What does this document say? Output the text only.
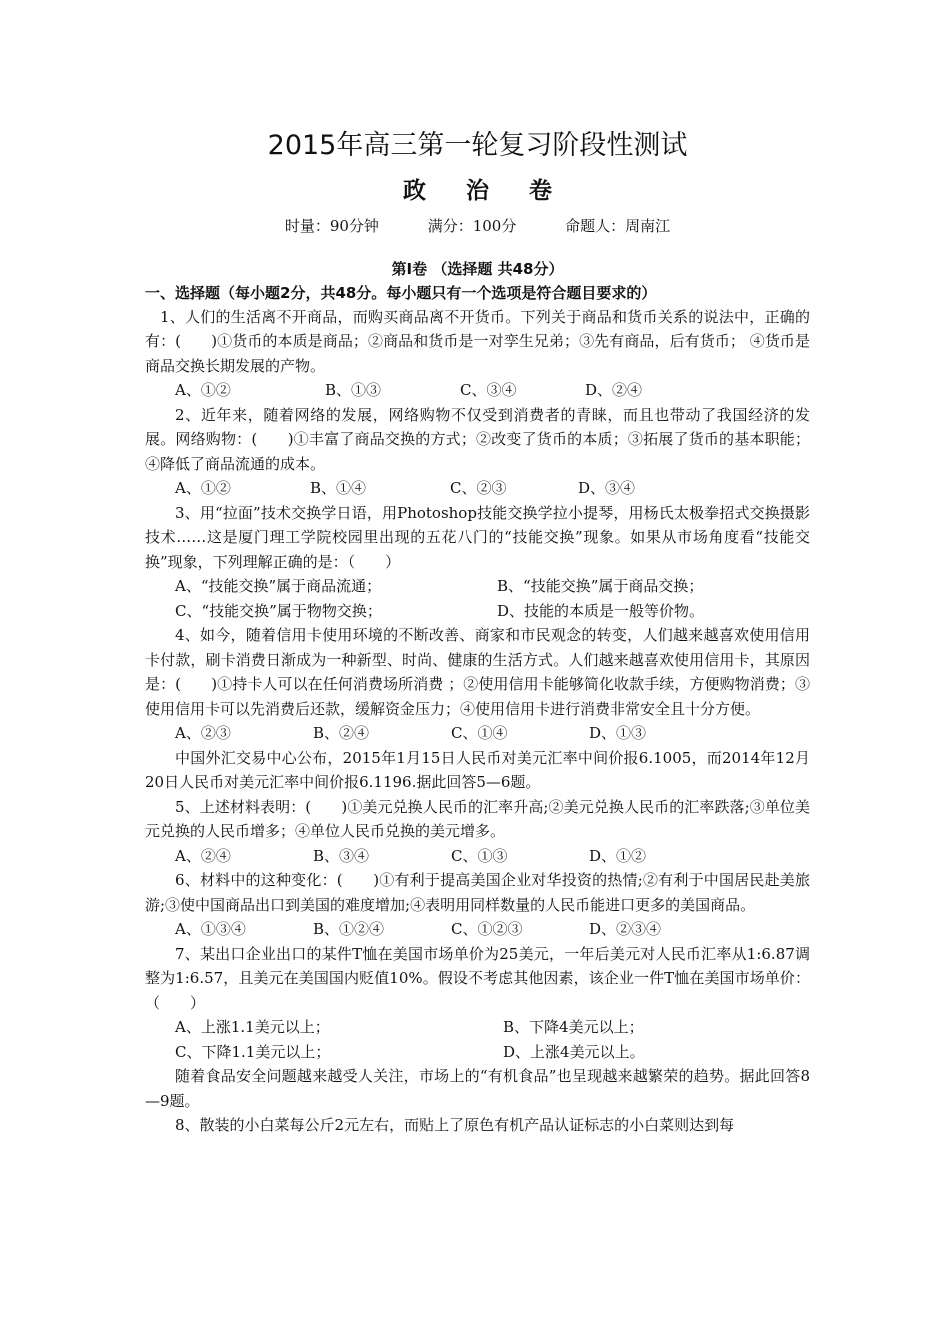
2015年高三第一轮复习阶段性测试
政治卷
时量：90分钟	满分：100分	命题人：周南江
第I卷 （选择题 共48分）
一、选择题（每小题2分，共48分。每小题只有一个选项是符合题目要求的）

1、人们的生活离不开商品，而购买商品离不开货币。下列关于商品和货币关系的说法中，正确的有：(　　)①货币的本质是商品；②商品和货币是一对孪生兄弟；③先有商品，后有货币； ④货币是商品交换长期发展的产物。

A、①②	B、①③	C、③④	D、②④

2、近年来，随着网络的发展，网络购物不仅受到消费者的青睐，而且也带动了我国经济的发展。网络购物：(　　)①丰富了商品交换的方式；②改变了货币的本质；③拓展了货币的基本职能； ④降低了商品流通的成本。

A、①②	B、①④	C、②③	D、③④

3、用“拉面”技术交换学日语，用Photoshop技能交换学拉小提琴，用杨氏太极拳招式交换摄影技术……这是厦门理工学院校园里出现的五花八门的“技能交换”现象。如果从市场角度看“技能交换”现象，下列理解正确的是：（　　）

A、“技能交换”属于商品流通；	B、“技能交换”属于商品交换；
C、“技能交换”属于物物交换；	D、技能的本质是一般等价物。

4、如今，随着信用卡使用环境的不断改善、商家和市民观念的转变，人们越来越喜欢使用信用卡付款，刷卡消费日渐成为一种新型、时尚、健康的生活方式。人们越来越喜欢使用信用卡，其原因是：(　　)①持卡人可以在任何消费场所消费 ；②使用信用卡能够简化收款手续，方便购物消费；③使用信用卡可以先消费后还款，缓解资金压力；④使用信用卡进行消费非常安全且十分方便。

A、②③	B、②④	C、①④	D、①③

中国外汇交易中心公布，2015年1月15日人民币对美元汇率中间价报6.1005，而2014年12月20日人民币对美元汇率中间价报6.1196.据此回答5—6题。

5、上述材料表明：(　　)①美元兑换人民币的汇率升高;②美元兑换人民币的汇率跌落;③单位美元兑换的人民币增多；④单位人民币兑换的美元增多。

A、②④	B、③④	C、①③	D、①②

6、材料中的这种变化：(　　)①有利于提高美国企业对华投资的热情;②有利于中国居民赴美旅游;③使中国商品出口到美国的难度增加;④表明用同样数量的人民币能进口更多的美国商品。

A、①③④	B、①②④	C、①②③	D、②③④

7、某出口企业出口的某件T恤在美国市场单价为25美元，一年后美元对人民币汇率从1:6.87调整为1:6.57，且美元在美国国内贬值10%。假设不考虑其他因素，该企业一件T恤在美国市场单价：（　　）

A、上涨1.1美元以上；	B、下降4美元以上；
C、下降1.1美元以上；	D、上涨4美元以上。

随着食品安全问题越来越受人关注，市场上的“有机食品”也呈现越来越繁荣的趋势。据此回答8—9题。

8、散装的小白菜每公斤2元左右，而贴上了原色有机产品认证标志的小白菜则达到每
